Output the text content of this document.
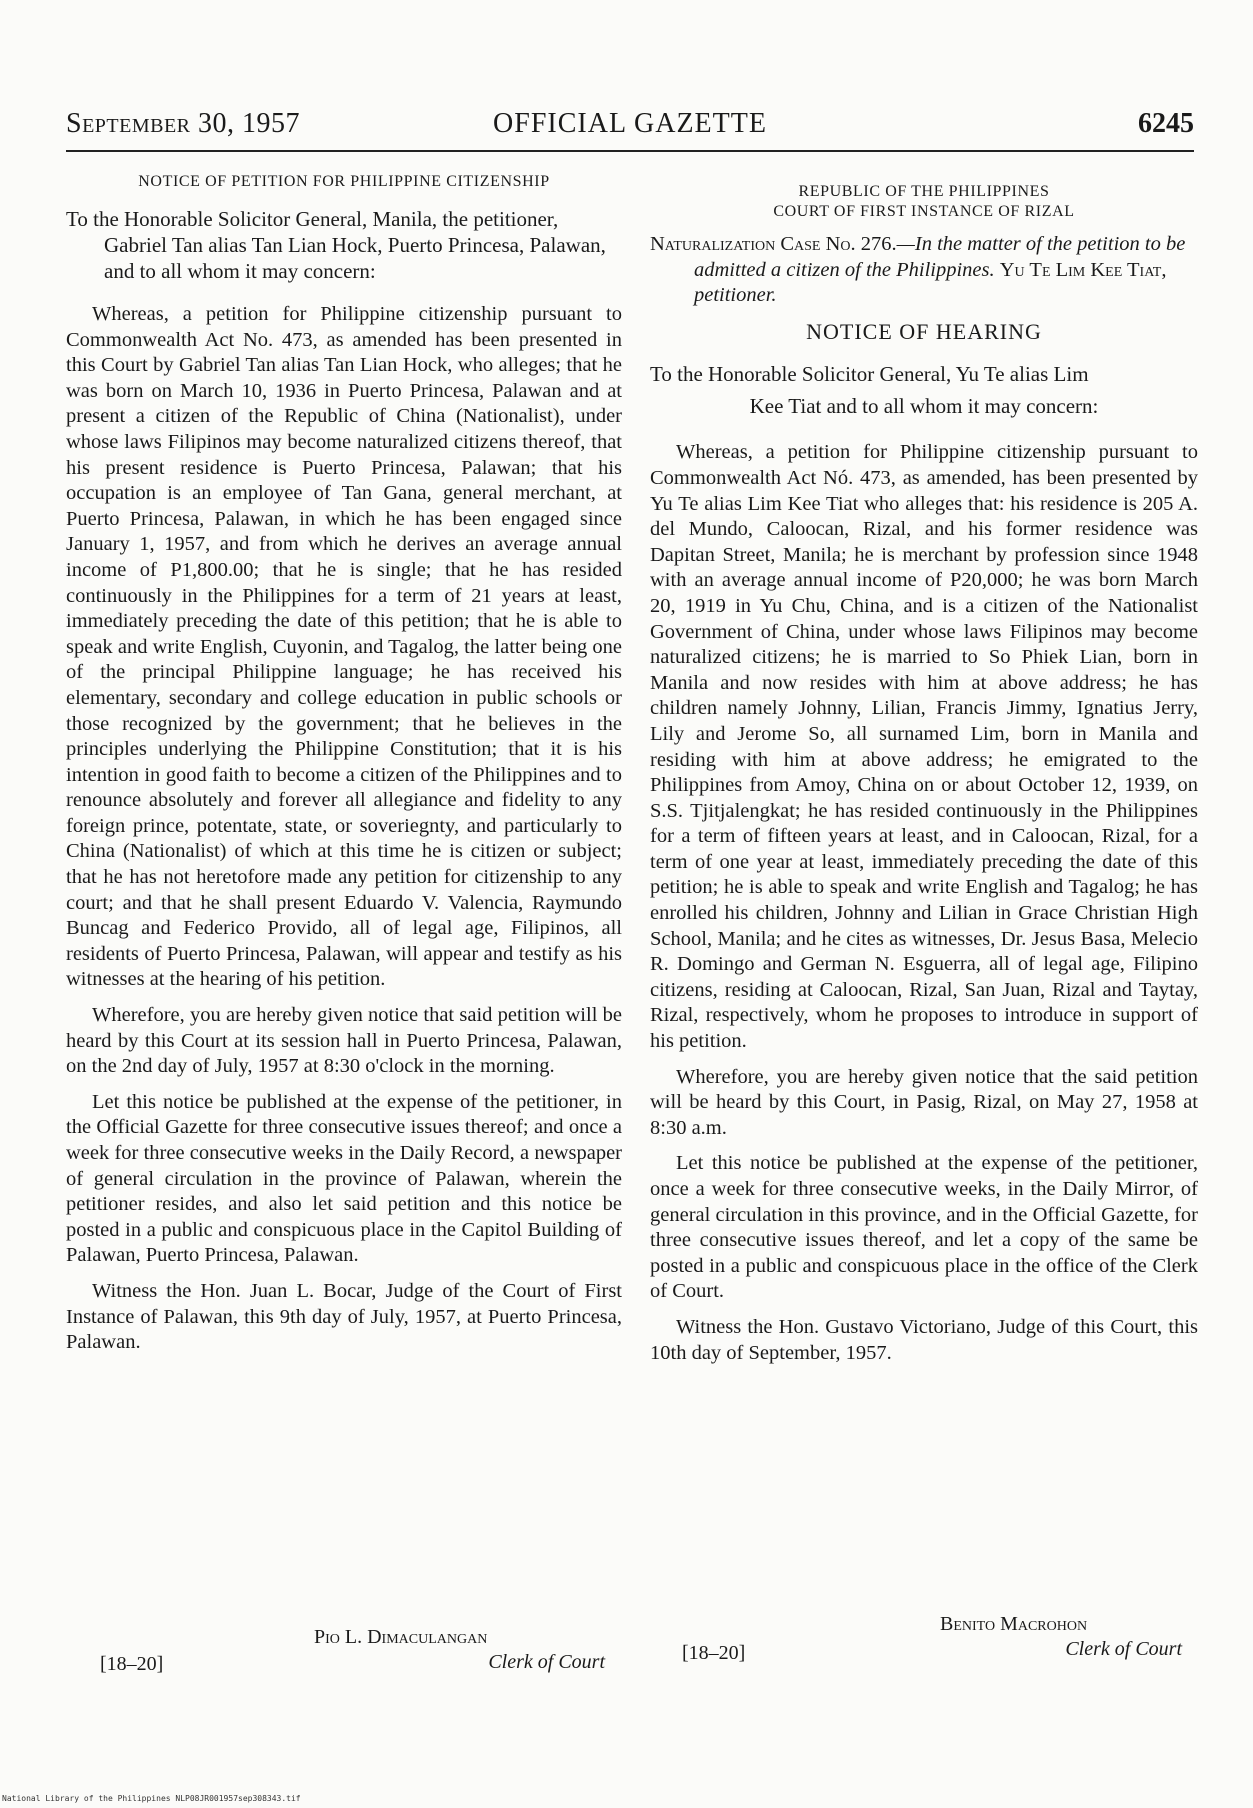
September 30, 1957	OFFICIAL GAZETTE	6245
NOTICE OF PETITION FOR PHILIPPINE CITIZENSHIP
To the Honorable Solicitor General, Manila, the petitioner, Gabriel Tan alias Tan Lian Hock, Puerto Princesa, Palawan, and to all whom it may concern:

Whereas, a petition for Philippine citizenship pursuant to Commonwealth Act No. 473, as amended has been presented in this Court by Gabriel Tan alias Tan Lian Hock, who alleges; that he was born on March 10, 1936 in Puerto Princesa, Palawan and at present a citizen of the Republic of China (Nationalist), under whose laws Filipinos may become naturalized citizens thereof, that his present residence is Puerto Princesa, Palawan; that his occupation is an employee of Tan Gana, general merchant, at Puerto Princesa, Palawan, in which he has been engaged since January 1, 1957, and from which he derives an average annual income of P1,800.00; that he is single; that he has resided continuously in the Philippines for a term of 21 years at least, immediately preceding the date of this petition; that he is able to speak and write English, Cuyonin, and Tagalog, the latter being one of the principal Philippine language; he has received his elementary, secondary and college education in public schools or those recognized by the government; that he believes in the principles underlying the Philippine Constitution; that it is his intention in good faith to become a citizen of the Philippines and to renounce absolutely and forever all allegiance and fidelity to any foreign prince, potentate, state, or soveriegnty, and particularly to China (Nationalist) of which at this time he is citizen or subject; that he has not heretofore made any petition for citizenship to any court; and that he shall present Eduardo V. Valencia, Raymundo Buncag and Federico Provido, all of legal age, Filipinos, all residents of Puerto Princesa, Palawan, will appear and testify as his witnesses at the hearing of his petition.

Wherefore, you are hereby given notice that said petition will be heard by this Court at its session hall in Puerto Princesa, Palawan, on the 2nd day of July, 1957 at 8:30 o'clock in the morning.

Let this notice be published at the expense of the petitioner, in the Official Gazette for three consecutive issues thereof; and once a week for three consecutive weeks in the Daily Record, a newspaper of general circulation in the province of Palawan, wherein the petitioner resides, and also let said petition and this notice be posted in a public and conspicuous place in the Capitol Building of Palawan, Puerto Princesa, Palawan.

Witness the Hon. Juan L. Bocar, Judge of the Court of First Instance of Palawan, this 9th day of July, 1957, at Puerto Princesa, Palawan.

Pio L. Dimaculangan
Clerk of Court
[18–20]
REPUBLIC OF THE PHILIPPINES
COURT OF FIRST INSTANCE OF RIZAL
Naturalization Case No. 276.—In the matter of the petition to be admitted a citizen of the Philippines. Yu Te Lim Kee Tiat, petitioner.
NOTICE OF HEARING
To the Honorable Solicitor General, Yu Te alias Lim
Kee Tiat and to all whom it may concern:

Whereas, a petition for Philippine citizenship pursuant to Commonwealth Act Nó. 473, as amended, has been presented by Yu Te alias Lim Kee Tiat who alleges that: his residence is 205 A. del Mundo, Caloocan, Rizal, and his former residence was Dapitan Street, Manila; he is merchant by profession since 1948 with an average annual income of P20,000; he was born March 20, 1919 in Yu Chu, China, and is a citizen of the Nationalist Government of China, under whose laws Filipinos may become naturalized citizens; he is married to So Phiek Lian, born in Manila and now resides with him at above address; he has children namely Johnny, Lilian, Francis Jimmy, Ignatius Jerry, Lily and Jerome So, all surnamed Lim, born in Manila and residing with him at above address; he emigrated to the Philippines from Amoy, China on or about October 12, 1939, on S.S. Tjitjalengkat; he has resided continuously in the Philippines for a term of fifteen years at least, and in Caloocan, Rizal, for a term of one year at least, immediately preceding the date of this petition; he is able to speak and write English and Tagalog; he has enrolled his children, Johnny and Lilian in Grace Christian High School, Manila; and he cites as witnesses, Dr. Jesus Basa, Melecio R. Domingo and German N. Esguerra, all of legal age, Filipino citizens, residing at Caloocan, Rizal, San Juan, Rizal and Taytay, Rizal, respectively, whom he proposes to introduce in support of his petition.

Wherefore, you are hereby given notice that the said petition will be heard by this Court, in Pasig, Rizal, on May 27, 1958 at 8:30 a.m.

Let this notice be published at the expense of the petitioner, once a week for three consecutive weeks, in the Daily Mirror, of general circulation in this province, and in the Official Gazette, for three consecutive issues thereof, and let a copy of the same be posted in a public and conspicuous place in the office of the Clerk of Court.

Witness the Hon. Gustavo Victoriano, Judge of this Court, this 10th day of September, 1957.

Benito Macrohon
Clerk of Court
[18–20]
National Library of the Philippines NLP08JR001957sep308343.tif
